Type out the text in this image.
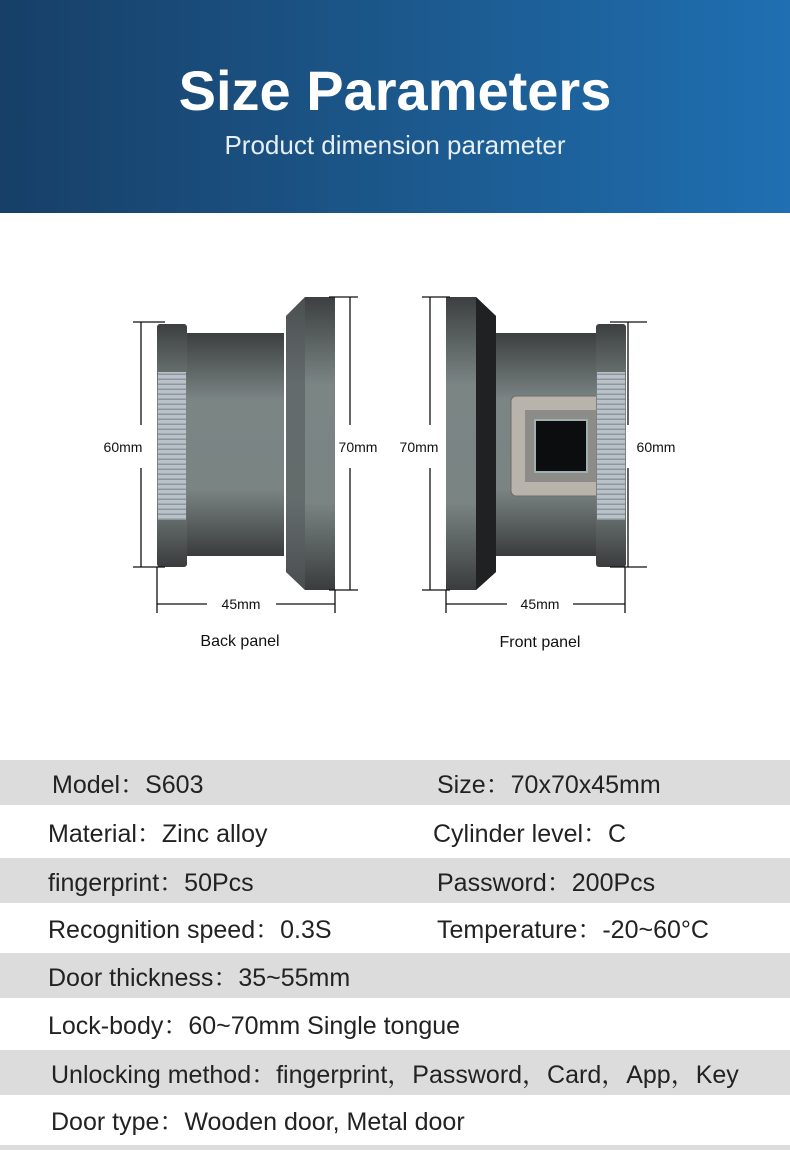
Size Parameters

Product dimension parameter

60mm	70mm
45mm
Back panel
70mm	60mm
45mm
Front panel
Model：S603	Size：70x70x45mm
Material：Zinc alloy	Cylinder level：C
fingerprint：50Pcs	Password：200Pcs
Recognition speed：0.3S	Temperature：-20~60°C
Door thickness：35~55mm
Lock-body：60~70mm Single tongue
Unlocking method：fingerprint，Password，Card，App，Key
Door type：Wooden door, Metal door
